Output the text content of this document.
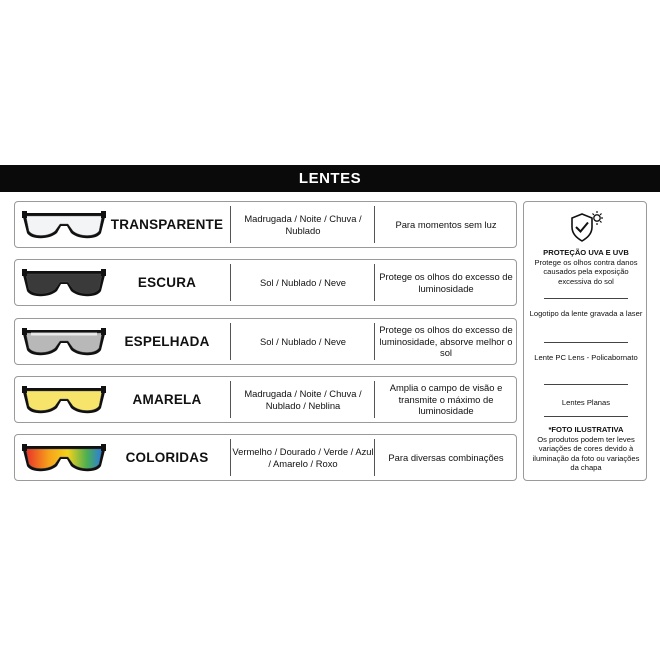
LENTES
TRANSPARENTE	Madrugada / Noite / Chuva / Nublado
Para momentos sem luz
ESCURA	Sol / Nublado / Neve
Protege os olhos do excesso de luminosidade
ESPELHADA	Sol / Nublado / Neve
Protege os olhos do excesso de luminosidade, absorve melhor o sol
AMARELA	Madrugada / Noite / Chuva / Nublado / Neblina
Amplia o campo de visão e transmite o máximo de luminosidade
COLORIDAS	Vermelho / Dourado / Verde / Azul / Amarelo / Roxo
Para diversas combinações
PROTEÇÃO UVA E UVB
Protege os olhos contra danos causados pela exposição excessiva do sol
Logotipo da lente gravada a laser
Lente PC Lens - Policabornato
Lentes Planas
*FOTO ILUSTRATIVA
Os produtos podem ter leves variações de cores devido à iluminação da foto ou variações da chapa
